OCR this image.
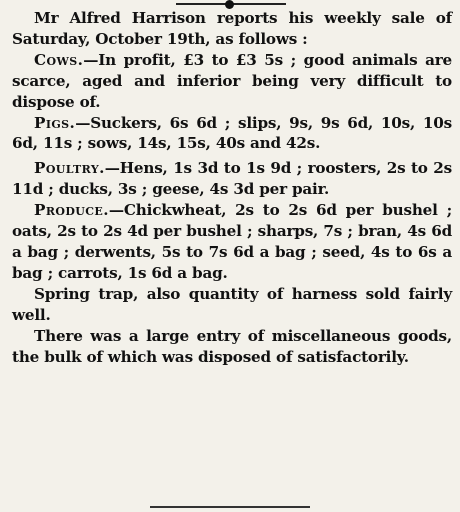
Mr Alfred Harrison reports his weekly sale of Saturday, October 19th, as follows :

Cows.—In profit, £3 to £3 5s ; good animals are scarce, aged and inferior being very difficult to dispose of.

Pigs.—Suckers, 6s 6d ; slips, 9s, 9s 6d, 10s, 10s 6d, 11s ; sows, 14s, 15s, 40s and 42s.

Poultry.—Hens, 1s 3d to 1s 9d ; roosters, 2s to 2s 11d ; ducks, 3s ; geese, 4s 3d per pair.

Produce.—Chickwheat, 2s to 2s 6d per bushel ; oats, 2s to 2s 4d per bushel ; sharps, 7s ; bran, 4s 6d a bag ; derwents, 5s to 7s 6d a bag ; seed, 4s to 6s a bag ; carrots, 1s 6d a bag.

Spring trap, also quantity of harness sold fairly well.

There was a large entry of miscellaneous goods, the bulk of which was disposed of satisfactorily.
